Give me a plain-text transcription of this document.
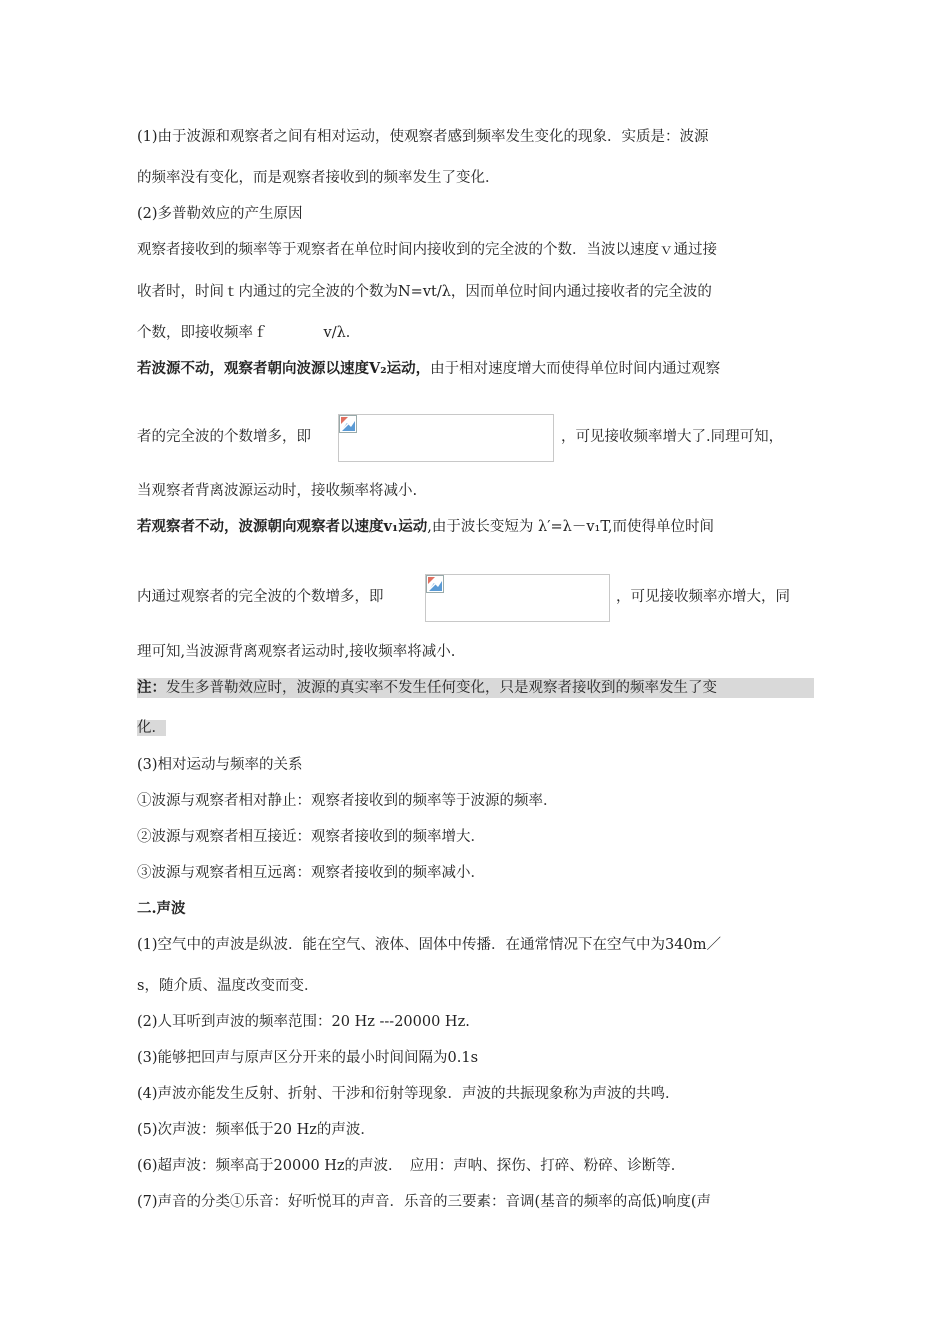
(1)由于波源和观察者之间有相对运动，使观察者感到频率发生变化的现象．实质是：波源
的频率没有变化，而是观察者接收到的频率发生了变化．
(2)多普勒效应的产生原因
观察者接收到的频率等于观察者在单位时间内接收到的完全波的个数．当波以速度ｖ通过接
收者时，时间ｔ内通过的完全波的个数为N=vt/λ，因而单位时间内通过接收者的完全波的
个数，即接收频率ｆ	v/λ．
若波源不动，观察者朝向波源以速度V₂运动，由于相对速度增大而使得单位时间内通过观察
者的完全波的个数增多，即	，可见接收频率增大了.同理可知，
当观察者背离波源运动时，接收频率将减小.
若观察者不动，波源朝向观察者以速度v₁运动,由于波长变短为 λ′=λ－v₁T,而使得单位时间
内通过观察者的完全波的个数增多，即	，可见接收频率亦增大，同
理可知,当波源背离观察者运动时,接收频率将减小.
注：发生多普勒效应时，波源的真实率不发生任何变化，只是观察者接收到的频率发生了变
化．
(3)相对运动与频率的关系
①波源与观察者相对静止：观察者接收到的频率等于波源的频率．
②波源与观察者相互接近：观察者接收到的频率增大．
③波源与观察者相互远离：观察者接收到的频率减小．
二.声波
(1)空气中的声波是纵波．能在空气、液体、固体中传播．在通常情况下在空气中为340m／
s，随介质、温度改变而变．
(2)人耳听到声波的频率范围：20 Hz ---20000 Hz.
(3)能够把回声与原声区分开来的最小时间间隔为0.1s
(4)声波亦能发生反射、折射、干涉和衍射等现象．声波的共振现象称为声波的共鸣．
(5)次声波：频率低于20 Hz的声波．
(6)超声波：频率高于20000 Hz的声波．　应用：声呐、探伤、打碎、粉碎、诊断等．
(7)声音的分类①乐音：好听悦耳的声音．乐音的三要素：音调(基音的频率的高低)响度(声
